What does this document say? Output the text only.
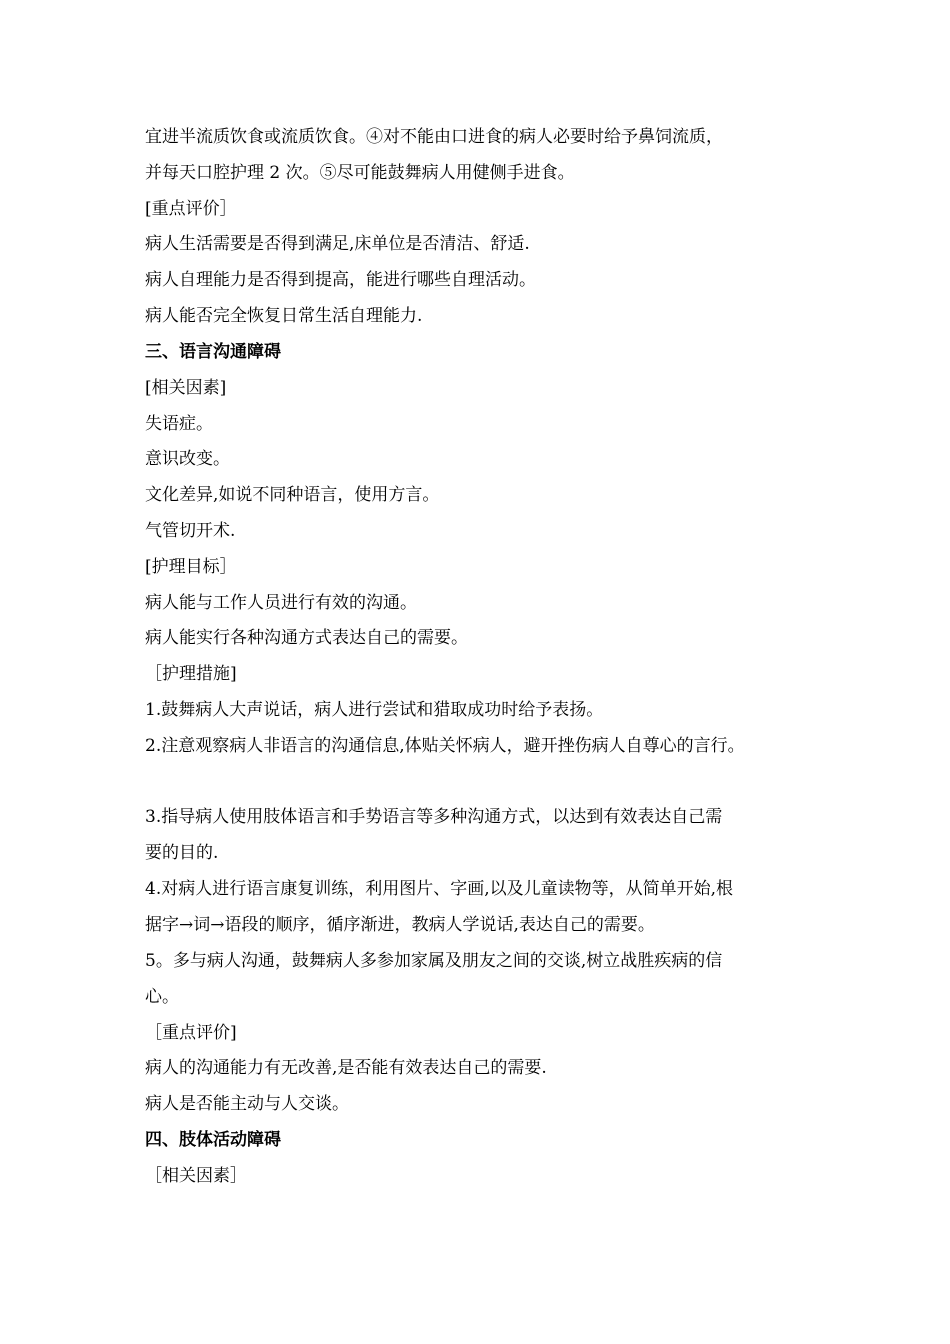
宜进半流质饮食或流质饮食。④对不能由口进食的病人必要时给予鼻饲流质，
并每天口腔护理 2 次。⑤尽可能鼓舞病人用健侧手进食。
[重点评价］
病人生活需要是否得到满足,床单位是否清洁、舒适.
病人自理能力是否得到提高，能进行哪些自理活动。
病人能否完全恢复日常生活自理能力.
三、语言沟通障碍
[相关因素]
失语症。
意识改变。
文化差异,如说不同种语言，使用方言。
气管切开术.
[护理目标］
病人能与工作人员进行有效的沟通。
病人能实行各种沟通方式表达自己的需要。
［护理措施]
1.鼓舞病人大声说话，病人进行尝试和猎取成功时给予表扬。
2.注意观察病人非语言的沟通信息,体贴关怀病人，避开挫伤病人自尊心的言行。
3.指导病人使用肢体语言和手势语言等多种沟通方式，以达到有效表达自己需
要的目的.
4.对病人进行语言康复训练，利用图片、字画,以及儿童读物等，从简单开始,根
据字→词→语段的顺序，循序渐进，教病人学说话,表达自己的需要。
5。多与病人沟通，鼓舞病人多参加家属及朋友之间的交谈,树立战胜疾病的信
心。
［重点评价]
病人的沟通能力有无改善,是否能有效表达自己的需要.
病人是否能主动与人交谈。
四、肢体活动障碍
［相关因素］
